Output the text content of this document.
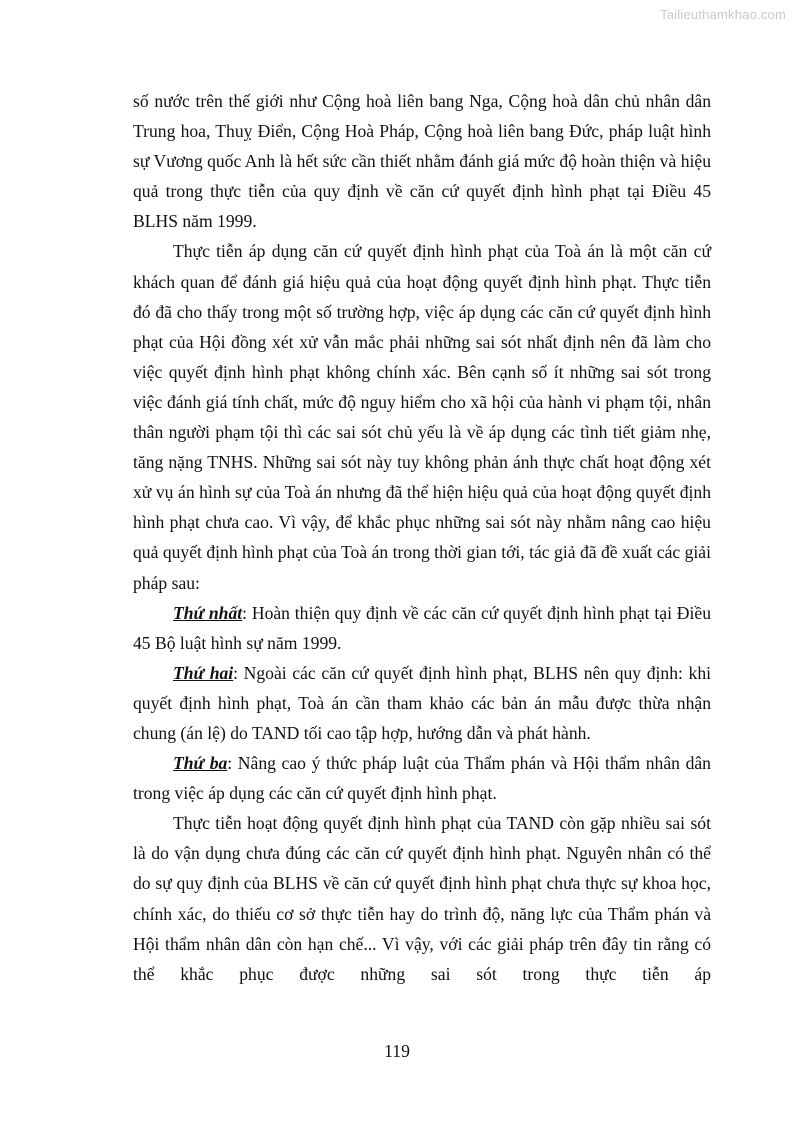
Tailieuthamkhao.com

số nước trên thế giới như Cộng hoà liên bang Nga, Cộng hoà dân chủ nhân dân Trung hoa, Thuỵ Điển, Cộng Hoà Pháp, Cộng hoà liên bang Đức, pháp luật hình sự Vương quốc Anh là hết sức cần thiết nhằm đánh giá mức độ hoàn thiện và hiệu quả trong thực tiễn của quy định về căn cứ quyết định hình phạt tại Điều 45 BLHS năm 1999.

Thực tiễn áp dụng căn cứ quyết định hình phạt của Toà án là một căn cứ khách quan để đánh giá hiệu quả của hoạt động quyết định hình phạt. Thực tiễn đó đã cho thấy trong một số trường hợp, việc áp dụng các căn cứ quyết định hình phạt của Hội đồng xét xử vẫn mắc phải những sai sót nhất định nên đã làm cho việc quyết định hình phạt không chính xác. Bên cạnh số ít những sai sót trong việc đánh giá tính chất, mức độ nguy hiểm cho xã hội của hành vi phạm tội, nhân thân người phạm tội thì các sai sót chủ yếu là về áp dụng các tình tiết giảm nhẹ, tăng nặng TNHS. Những sai sót này tuy không phản ánh thực chất hoạt động xét xử vụ án hình sự của Toà án nhưng đã thể hiện hiệu quả của hoạt động quyết định hình phạt chưa cao. Vì vậy, để khắc phục những sai sót này nhằm nâng cao hiệu quả quyết định hình phạt của Toà án trong thời gian tới, tác giả đã đề xuất các giải pháp sau:

Thứ nhất: Hoàn thiện quy định về các căn cứ quyết định hình phạt tại Điều 45 Bộ luật hình sự năm 1999.

Thứ hai: Ngoài các căn cứ quyết định hình phạt, BLHS nên quy định: khi quyết định hình phạt, Toà án cần tham khảo các bản án mẫu được thừa nhận chung (án lệ) do TAND tối cao tập hợp, hướng dẫn và phát hành.

Thứ ba: Nâng cao ý thức pháp luật của Thẩm phán và Hội thẩm nhân dân trong việc áp dụng các căn cứ quyết định hình phạt.

Thực tiễn hoạt động quyết định hình phạt của TAND còn gặp nhiều sai sót là do vận dụng chưa đúng các căn cứ quyết định hình phạt. Nguyên nhân có thể do sự quy định của BLHS về căn cứ quyết định hình phạt chưa thực sự khoa học, chính xác, do thiếu cơ sở thực tiễn hay do trình độ, năng lực của Thẩm phán và Hội thẩm nhân dân còn hạn chế... Vì vậy, với các giải pháp trên đây tin rằng có thể khắc phục được những sai sót trong thực tiễn áp

119
